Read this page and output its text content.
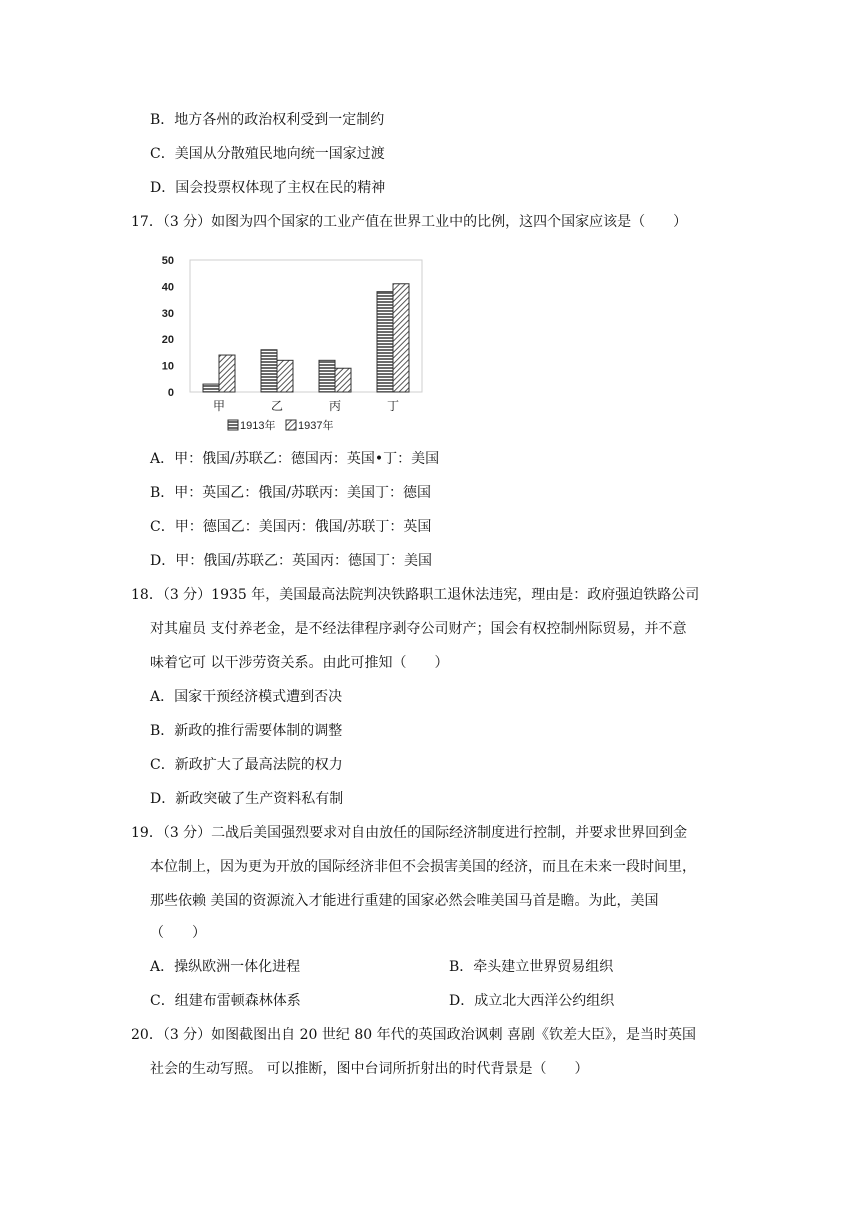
B．地方各州的政治权利受到一定制约
C．美国从分散殖民地向统一国家过渡
D．国会投票权体现了主权在民的精神
17．（3 分）如图为四个国家的工业产值在世界工业中的比例，这四个国家应该是（　　）
50
40
30
20
10
0
甲	乙	丙	丁
1913年 1937年
A．甲：俄国/苏联乙：德国丙：英国•丁：美国
B．甲：英国乙：俄国/苏联丙：美国丁：德国
C．甲：德国乙：美国丙：俄国/苏联丁：英国
D．甲：俄国/苏联乙：英国丙：德国丁：美国
18．（3 分）1935 年，美国最高法院判决铁路职工退休法违宪，理由是：政府强迫铁路公司
对其雇员 支付养老金，是不经法律程序剥夺公司财产；国会有权控制州际贸易，并不意
味着它可 以干涉劳资关系。由此可推知（　　）
A．国家干预经济模式遭到否决
B．新政的推行需要体制的调整
C．新政扩大了最高法院的权力
D．新政突破了生产资料私有制
19．（3 分）二战后美国强烈要求对自由放任的国际经济制度进行控制，并要求世界回到金
本位制上，因为更为开放的国际经济非但不会损害美国的经济，而且在未来一段时间里，
那些依赖 美国的资源流入才能进行重建的国家必然会唯美国马首是瞻。为此，美国
（　　）
A．操纵欧洲一体化进程	B．牵头建立世界贸易组织
C．组建布雷顿森林体系	D．成立北大西洋公约组织
20．（3 分）如图截图出自 20 世纪 80 年代的英国政治讽刺 喜剧《钦差大臣》，是当时英国
社会的生动写照。 可以推断，图中台词所折射出的时代背景是（　　）
